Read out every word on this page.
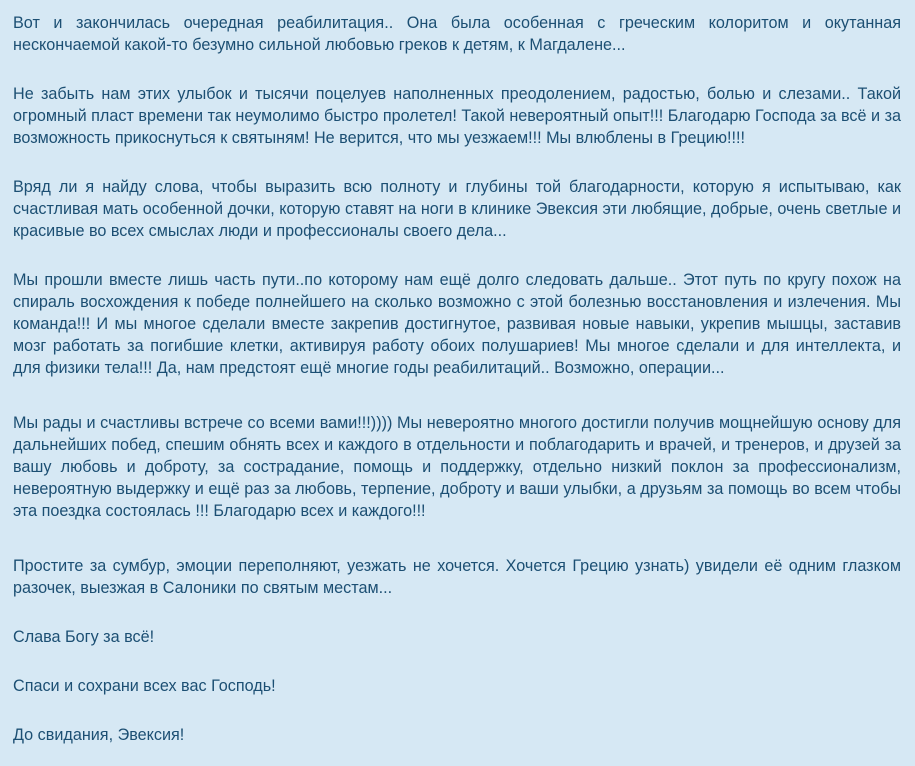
Вот и закончилась очередная реабилитация.. Она была особенная с греческим колоритом и окутанная нескончаемой какой-то безумно сильной любовью греков к детям, к Магдалене...

Не забыть нам этих улыбок и тысячи поцелуев наполненных преодолением, радостью, болью и слезами.. Такой огромный пласт времени так неумолимо быстро пролетел! Такой невероятный опыт!!! Благодарю Господа за всё и за возможность прикоснуться к святыням! Не верится, что мы уезжаем!!! Мы влюблены в Грецию!!!!

Вряд ли я найду слова, чтобы выразить всю полноту и глубины той благодарности, которую я испытываю, как счастливая мать особенной дочки, которую ставят на ноги в клинике Эвексия эти любящие, добрые, очень светлые и красивые во всех смыслах люди и профессионалы своего дела...

Мы прошли вместе лишь часть пути..по которому нам ещё долго следовать дальше.. Этот путь по кругу похож на спираль восхождения к победе полнейшего на сколько возможно с этой болезнью восстановления и излечения. Мы команда!!! И мы многое сделали вместе закрепив достигнутое, развивая новые навыки, укрепив мышцы, заставив мозг работать за погибшие клетки, активируя работу обоих полушариев! Мы многое сделали и для интеллекта, и для физики тела!!! Да, нам предстоят ещё многие годы реабилитаций.. Возможно, операции...

Мы рады и счастливы встрече со всеми вами!!!)))) Мы невероятно многого достигли получив мощнейшую основу для дальнейших побед, спешим обнять всех и каждого в отдельности и поблагодарить и врачей, и тренеров, и друзей за вашу любовь и доброту, за сострадание, помощь и поддержку, отдельно низкий поклон за профессионализм, невероятную выдержку и ещё раз за любовь, терпение, доброту и ваши улыбки, а друзьям за помощь во всем чтобы эта поездка состоялась !!! Благодарю всех и каждого!!!

Простите за сумбур, эмоции переполняют, уезжать не хочется. Хочется Грецию узнать) увидели её одним глазком разочек, выезжая в Салоники по святым местам...

Слава Богу за всё!

Спаси и сохрани всех вас Господь!

До свидания, Эвексия!
